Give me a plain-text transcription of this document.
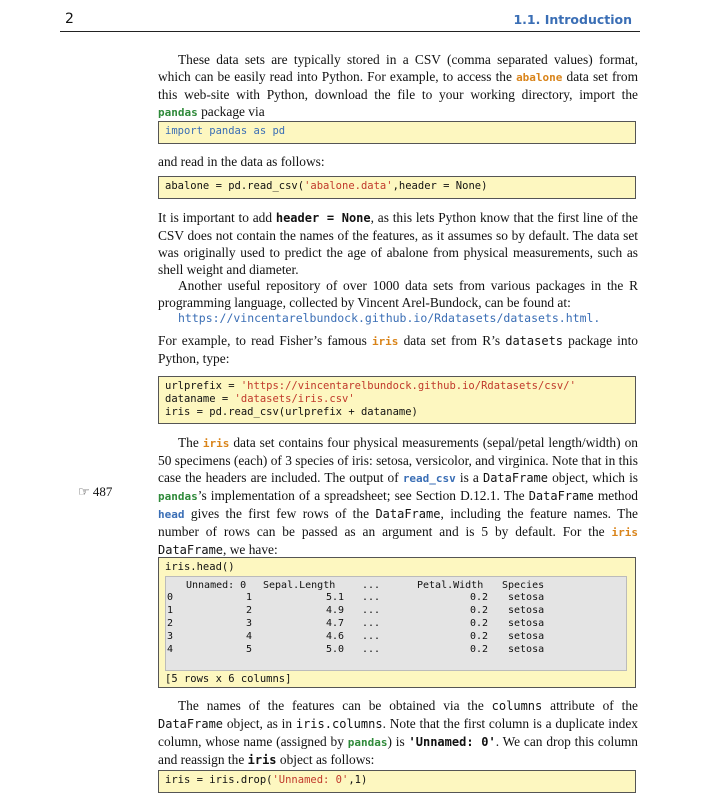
2	1.1. Introduction
These data sets are typically stored in a CSV (comma separated values) format, which can be easily read into Python. For example, to access the abalone data set from this web-site with Python, download the file to your working directory, import the pandas package via
import pandas as pd
and read in the data as follows:
abalone = pd.read_csv('abalone.data',header = None)
It is important to add header = None, as this lets Python know that the first line of the CSV does not contain the names of the features, as it assumes so by default. The data set was originally used to predict the age of abalone from physical measurements, such as shell weight and diameter.
Another useful repository of over 1000 data sets from various packages in the R programming language, collected by Vincent Arel-Bundock, can be found at:
https://vincentarelbundock.github.io/Rdatasets/datasets.html.
For example, to read Fisher’s famous iris data set from R’s datasets package into Python, type:
urlprefix = 'https://vincentarelbundock.github.io/Rdatasets/csv/'
dataname = 'datasets/iris.csv'
iris = pd.read_csv(urlprefix + dataname)
The iris data set contains four physical measurements (sepal/petal length/width) on 50 specimens (each) of 3 species of iris: setosa, versicolor, and virginica. Note that in this case the headers are included. The output of read_csv is a DataFrame object, which is pandas’s implementation of a spreadsheet; see Section D.12.1. The DataFrame method head gives the first few rows of the DataFrame, including the feature names. The number of rows can be passed as an argument and is 5 by default. For the iris DataFrame, we have:
☞ 487
iris.head()
Unnamed: 0 Sepal.Length	...	Petal.Width Species
0	1	5.1 ...	0.2 setosa
1	2	4.9 ...	0.2 setosa
2	3	4.7 ...	0.2 setosa
3	4	4.6 ...	0.2 setosa
4	5	5.0 ...	0.2 setosa
[5 rows x 6 columns]
The names of the features can be obtained via the columns attribute of the DataFrame object, as in iris.columns. Note that the first column is a duplicate index column, whose name (assigned by pandas) is 'Unnamed: 0'. We can drop this column and reassign the iris object as follows:
iris = iris.drop('Unnamed: 0',1)
